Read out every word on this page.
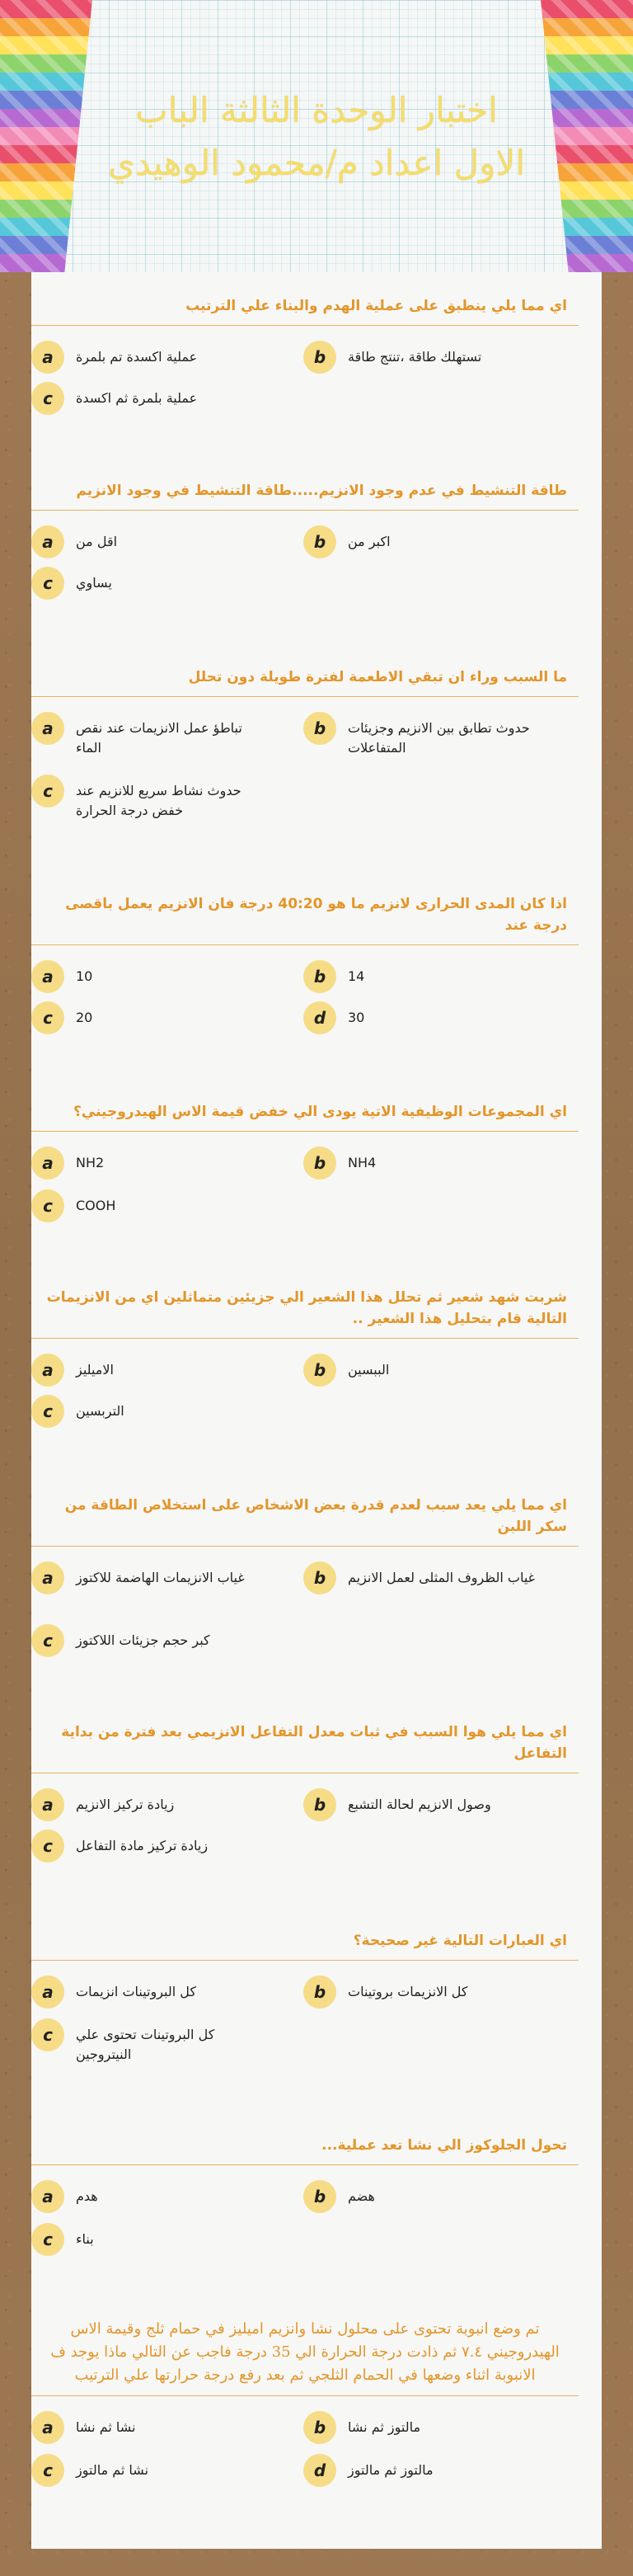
اختبار الوحدة الثالثة الباب
الاول اعداد م/محمود الوهيدي
اي مما يلي ينطبق على عملية الهدم والبناء علي الترتيب
a	عملية اكسدة تم بلمرة	b	تستهلك طاقة ،تنتج طاقة
c	عملية بلمرة ثم اكسدة
طاقة التنشيط في عدم وجود الانزيم.....طاقة التنشيط في وجود الانزيم
a	اقل من	b	اكبر من
c	يساوي
ما السبب وراء ان تبقي الاطعمة لفترة طويلة دون تحلل
a	تباطؤ عمل الانزيمات عند نقص الماء
b	حدوث تطابق بين الانزيم وجزيئات المتفاعلات
c	حدوث نشاط سريع للانزيم عند خفض درجة الحرارة
اذا كان المدى الحرارى لانزيم ما هو 40:20 درجة فان الانزيم يعمل باقصى درجة عند
a	10	b	14
c	20	d	30
اي المجموعات الوظيفية الاتية يودى الي خفض قيمة الاس الهيدروجيني؟
a	NH2	b	NH4
c	COOH
شربت شهد شعير ثم تحلل هذا الشعير الي جزيئين متماثلين اي من الانزيمات التالية قام بتحليل هذا الشعير ..
a	الاميليز	b	الببسين
c	التربسين
اي مما يلي يعد سبب لعدم قدرة بعض الاشخاص على استخلاص الطاقة من سكر اللبن
a	غياب الانزيمات الهاضمة للاكتوز	b	غياب الظروف المثلى لعمل الانزيم
c	كبر حجم جزيئات اللاكتوز
اي مما يلي هوا السبب في ثبات معدل التفاعل الانزيمي بعد فترة من بداية التفاعل
a	زيادة تركيز الانزيم	b	وصول الانزيم لحالة التشبع
c	زيادة تركيز مادة التفاعل
اي العبارات التالية غير صحيحة؟
a	كل البروتينات انزيمات	b	كل الانزيمات بروتينات
c	كل البروتينات تحتوى علي النيتروجين
تحول الجلوكوز الي نشا تعد عملية...
a	هدم	b	هضم
c	بناء
تم وضع انبوبة تحتوى على محلول نشا وانزيم اميليز في حمام ثلج وقيمة الاس الهيدروجيني ٧.٤ ثم ذادت درجة الحرارة الي 35 درجة فاجب عن التالي ماذا يوجد ف الانبوبة اثناء وضعها في الحمام الثلجي ثم بعد رفع درجة حرارتها علي الترتيب
a	نشا ثم نشا	b	مالتوز ثم نشا
c	نشا ثم مالتوز	d	مالتوز ثم مالتوز
